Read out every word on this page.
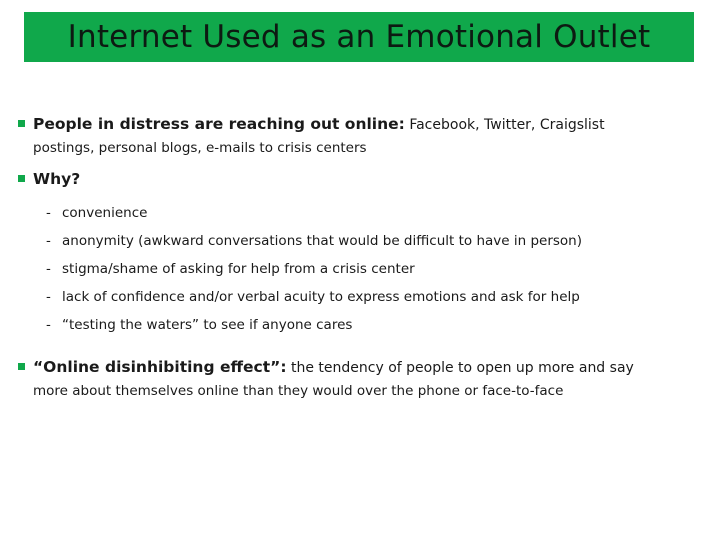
Internet Used as an Emotional Outlet
People in distress are reaching out online: Facebook, Twitter, Craigslist
postings, personal blogs, e-mails to crisis centers
Why?
- convenience
- anonymity (awkward conversations that would be difficult to have in person)
- stigma/shame of asking for help from a crisis center
- lack of confidence and/or verbal acuity to express emotions and ask for help
- “testing the waters” to see if anyone cares
“Online disinhibiting effect”: the tendency of people to open up more and say
more about themselves online than they would over the phone or face-to-face
